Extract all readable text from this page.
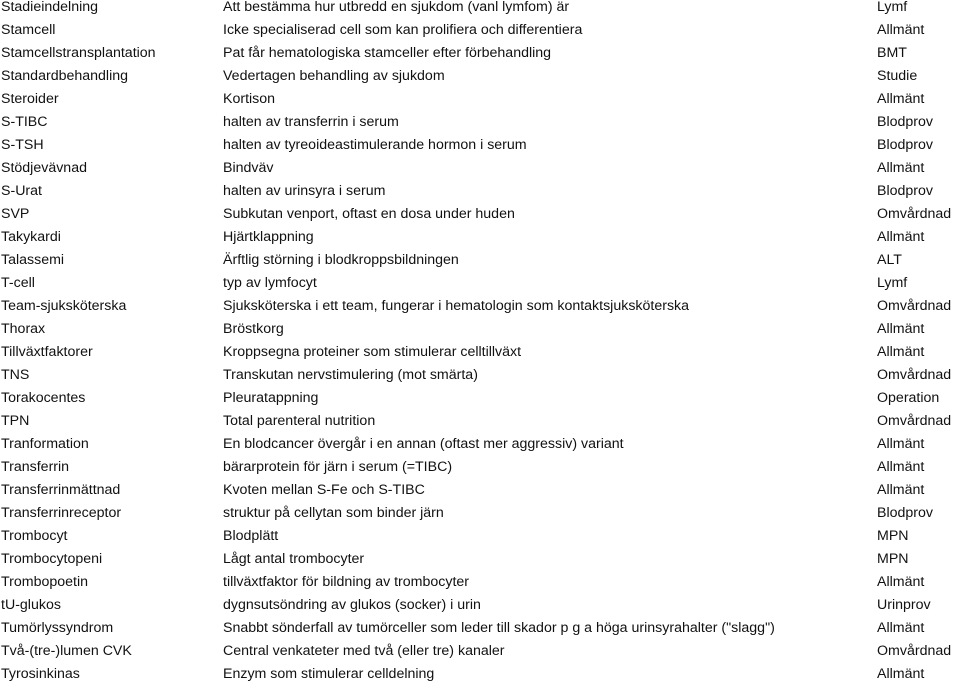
Stadieindelning	Att bestämma hur utbredd en sjukdom (vanl lymfom) är	Lymf
Stamcell	Icke specialiserad cell som kan prolifiera och differentiera	Allmänt
Stamcellstransplantation	Pat får hematologiska stamceller efter förbehandling	BMT
Standardbehandling	Vedertagen behandling av sjukdom	Studie
Steroider	Kortison	Allmänt
S-TIBC	halten av transferrin i serum	Blodprov
S-TSH	halten av tyreoideastimulerande hormon i serum	Blodprov
Stödjevävnad	Bindväv	Allmänt
S-Urat	halten av urinsyra i serum	Blodprov
SVP	Subkutan venport, oftast en dosa under huden	Omvårdnad
Takykardi	Hjärtklappning	Allmänt
Talassemi	Ärftlig störning i blodkroppsbildningen	ALT
T-cell	typ av lymfocyt	Lymf
Team-sjuksköterska	Sjuksköterska i ett team, fungerar i hematologin som kontaktsjuksköterska	Omvårdnad
Thorax	Bröstkorg	Allmänt
Tillväxtfaktorer	Kroppsegna proteiner som stimulerar celltillväxt	Allmänt
TNS	Transkutan nervstimulering (mot smärta)	Omvårdnad
Torakocentes	Pleuratappning	Operation
TPN	Total parenteral nutrition	Omvårdnad
Tranformation	En blodcancer övergår i en annan (oftast mer aggressiv) variant	Allmänt
Transferrin	bärarprotein för järn i serum (=TIBC)	Allmänt
Transferrinmättnad	Kvoten mellan S-Fe och S-TIBC	Allmänt
Transferrinreceptor	struktur på cellytan som binder järn	Blodprov
Trombocyt	Blodplätt	MPN
Trombocytopeni	Lågt antal trombocyter	MPN
Trombopoetin	tillväxtfaktor för bildning av trombocyter	Allmänt
tU-glukos	dygnsutsöndring av glukos (socker) i urin	Urinprov
Tumörlyssyndrom	Snabbt sönderfall av tumörceller som leder till skador p g a höga urinsyrahalter ("slagg")	Allmänt
Två-(tre-)lumen CVK	Central venkateter med två (eller tre) kanaler	Omvårdnad
Tyrosinkinas	Enzym som stimulerar celldelning	Allmänt
